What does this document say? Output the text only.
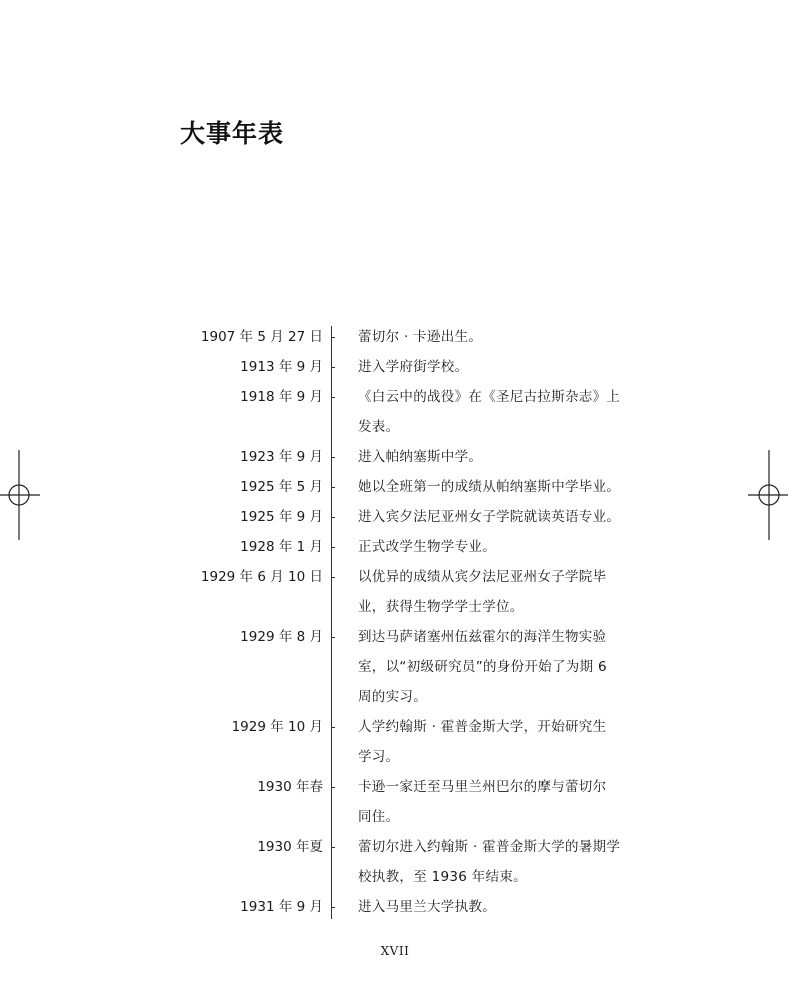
大事年表
1907 年 5 月 27 日	蕾切尔 · 卡逊出生。
1913 年 9 月	进入学府街学校。
1918 年 9 月	《白云中的战役》在《圣尼古拉斯杂志》上
发表。
1923 年 9 月	进入帕纳塞斯中学。
1925 年 5 月	她以全班第一的成绩从帕纳塞斯中学毕业。
1925 年 9 月	进入宾夕法尼亚州女子学院就读英语专业。
1928 年 1 月	正式改学生物学专业。
1929 年 6 月 10 日	以优异的成绩从宾夕法尼亚州女子学院毕
业，获得生物学学士学位。
1929 年 8 月	到达马萨诸塞州伍兹霍尔的海洋生物实验
室，以“初级研究员”的身份开始了为期 6
周的实习。
1929 年 10 月	人学约翰斯 · 霍普金斯大学，开始研究生
学习。
1930 年春	卡逊一家迁至马里兰州巴尔的摩与蕾切尔
同住。
1930 年夏	蕾切尔进入约翰斯 · 霍普金斯大学的暑期学
校执教，至 1936 年结束。
1931 年 9 月	进入马里兰大学执教。
XVII
